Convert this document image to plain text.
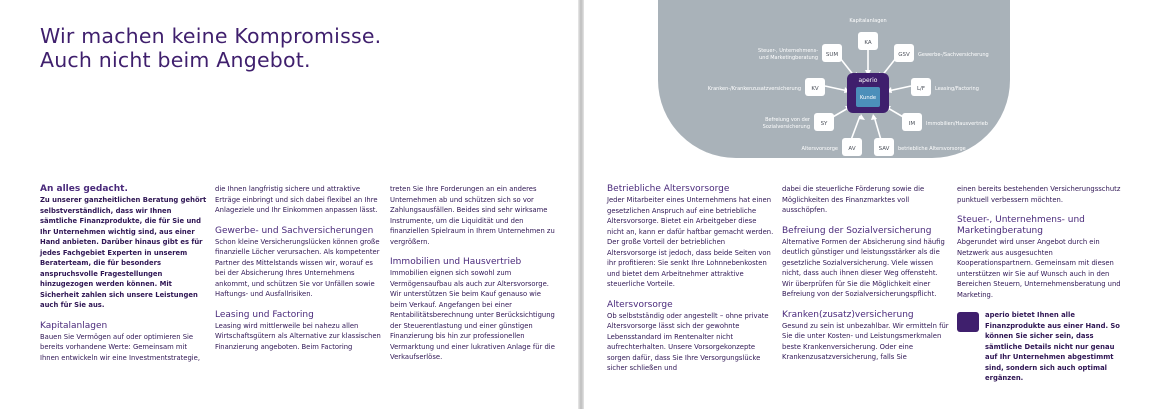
Wir machen keine Kompromisse.
Auch nicht beim Angebot.
An alles gedacht.

Zu unserer ganzheitlichen Beratung gehört selbstverständlich, dass wir Ihnen sämtliche Finanzprodukte, die für Sie und Ihr Unternehmen wichtig sind, aus einer Hand anbieten. Darüber hinaus gibt es für jedes Fachgebiet Experten in unserem Beraterteam, die für besonders anspruchsvolle Fragestellungen hinzugezogen werden können. Mit Sicherheit zahlen sich unsere Leistungen auch für Sie aus.

Kapitalanlagen

Bauen Sie Vermögen auf oder optimieren Sie bereits vorhandene Werte: Gemeinsam mit Ihnen entwickeln wir eine Investmentstrategie,

die Ihnen langfristig sichere und attraktive Erträge einbringt und sich dabei flexibel an Ihre Anlageziele und Ihr Einkommen anpassen lässt.

Gewerbe- und Sachversicherungen

Schon kleine Versicherungslücken können große finanzielle Löcher verursachen. Als kompetenter Partner des Mittelstands wissen wir, worauf es bei der Absicherung Ihres Unternehmens ankommt, und schützen Sie vor Unfällen sowie Haftungs- und Ausfallrisiken.

Leasing und Factoring

Leasing wird mittlerweile bei nahezu allen Wirtschaftsgütern als Alternative zur klassischen Finanzierung angeboten. Beim Factoring

treten Sie Ihre Forderungen an ein anderes Unternehmen ab und schützen sich so vor Zahlungsausfällen. Beides sind sehr wirksame Instrumente, um die Liquidität und den finanziellen Spielraum in Ihrem Unternehmen zu vergrößern.

Immobilien und Hausvertrieb

Immobilien eignen sich sowohl zum Vermögensaufbau als auch zur Altersvorsorge. Wir unterstützen Sie beim Kauf genauso wie beim Verkauf. Angefangen bei einer Rentabilitätsberechnung unter Berücksichtigung der Steuerentlastung und einer günstigen Finanzierung bis hin zur professionellen Vermarktung und einer lukrativen Anlage für die Verkaufserlöse.

aperio
Kunde
KA
Kapitalanlagen
GSV Gewerbe-/Sachversicherung
L/F Leasing/Factoring
IM Immobilien/Hausvertrieb
SAV betriebliche Altersvorsorge
AV
Altersvorsorge
SY
Befreiung von der
Sozialversicherung
KV
Kranken-/Krankenzusatzversicherung
SUM
Steuer-, Unternehmens-
und Marketingberatung
Betriebliche Altersvorsorge

Jeder Mitarbeiter eines Unternehmens hat einen gesetzlichen Anspruch auf eine betriebliche Altersvorsorge. Bietet ein Arbeitgeber diese nicht an, kann er dafür haftbar gemacht werden. Der große Vorteil der betrieblichen Altersvorsorge ist jedoch, dass beide Seiten von ihr profitieren: Sie senkt Ihre Lohnnebenkosten und bietet dem Arbeitnehmer attraktive steuerliche Vorteile.

Altersvorsorge

Ob selbstständig oder angestellt – ohne private Altersvorsorge lässt sich der gewohnte Lebensstandard im Rentenalter nicht aufrechterhalten. Unsere Vorsorgekonzepte sorgen dafür, dass Sie Ihre Versorgungslücke sicher schließen und

dabei die steuerliche Förderung sowie die Möglichkeiten des Finanzmarktes voll ausschöpfen.

Befreiung der Sozialversicherung

Alternative Formen der Absicherung sind häufig deutlich günstiger und leistungsstärker als die gesetzliche Sozialversicherung. Viele wissen nicht, dass auch ihnen dieser Weg offensteht. Wir überprüfen für Sie die Möglichkeit einer Befreiung von der Sozialversicherungspflicht.

Kranken(zusatz)versicherung

Gesund zu sein ist unbezahlbar. Wir ermitteln für Sie die unter Kosten- und Leistungsmerkmalen beste Krankenversicherung. Oder eine Krankenzusatzversicherung, falls Sie

einen bereits bestehenden Versicherungsschutz punktuell verbessern möchten.

Steuer-, Unternehmens- und Marketingberatung

Abgerundet wird unser Angebot durch ein Netzwerk aus ausgesuchten Kooperationspartnern. Gemeinsam mit diesen unterstützen wir Sie auf Wunsch auch in den Bereichen Steuern, Unternehmensberatung und Marketing.

aperio bietet Ihnen alle Finanzprodukte aus einer Hand. So können Sie sicher sein, dass sämtliche Details nicht nur genau auf Ihr Unternehmen abgestimmt sind, sondern sich auch optimal ergänzen.
